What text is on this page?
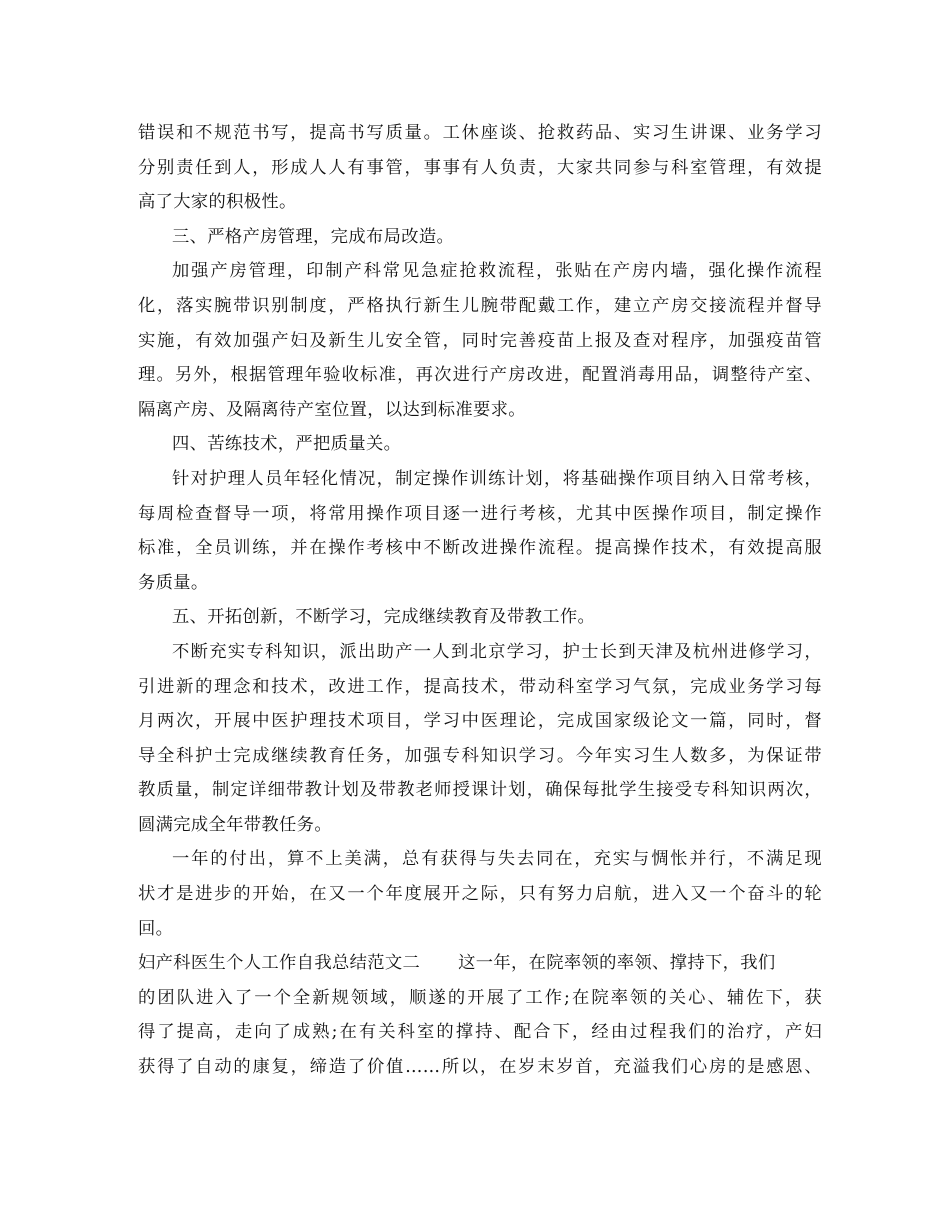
错误和不规范书写，提高书写质量。工休座谈、抢救药品、实习生讲课、业务学习
分别责任到人，形成人人有事管，事事有人负责，大家共同参与科室管理，有效提
高了大家的积极性。
三、严格产房管理，完成布局改造。
加强产房管理，印制产科常见急症抢救流程，张贴在产房内墙，强化操作流程
化，落实腕带识别制度，严格执行新生儿腕带配戴工作，建立产房交接流程并督导
实施，有效加强产妇及新生儿安全管，同时完善疫苗上报及查对程序，加强疫苗管
理。另外，根据管理年验收标准，再次进行产房改进，配置消毒用品，调整待产室、
隔离产房、及隔离待产室位置，以达到标准要求。
四、苦练技术，严把质量关。
针对护理人员年轻化情况，制定操作训练计划，将基础操作项目纳入日常考核，
每周检查督导一项，将常用操作项目逐一进行考核，尤其中医操作项目，制定操作
标准，全员训练，并在操作考核中不断改进操作流程。提高操作技术，有效提高服
务质量。
五、开拓创新，不断学习，完成继续教育及带教工作。
不断充实专科知识，派出助产一人到北京学习，护士长到天津及杭州进修学习，
引进新的理念和技术，改进工作，提高技术，带动科室学习气氛，完成业务学习每
月两次，开展中医护理技术项目，学习中医理论，完成国家级论文一篇，同时，督
导全科护士完成继续教育任务，加强专科知识学习。今年实习生人数多，为保证带
教质量，制定详细带教计划及带教老师授课计划，确保每批学生接受专科知识两次，
圆满完成全年带教任务。
一年的付出，算不上美满，总有获得与失去同在，充实与惆怅并行，不满足现
状才是进步的开始，在又一个年度展开之际，只有努力启航，进入又一个奋斗的轮
回。
妇产科医生个人工作自我总结范文二 这一年，在院率领的率领、撑持下，我们
的团队进入了一个全新规领域，顺遂的开展了工作;在院率领的关心、辅佐下，获
得了提高，走向了成熟;在有关科室的撑持、配合下，经由过程我们的治疗，产妇
获得了自动的康复，缔造了价值……所以，在岁末岁首，充溢我们心房的是感恩、
